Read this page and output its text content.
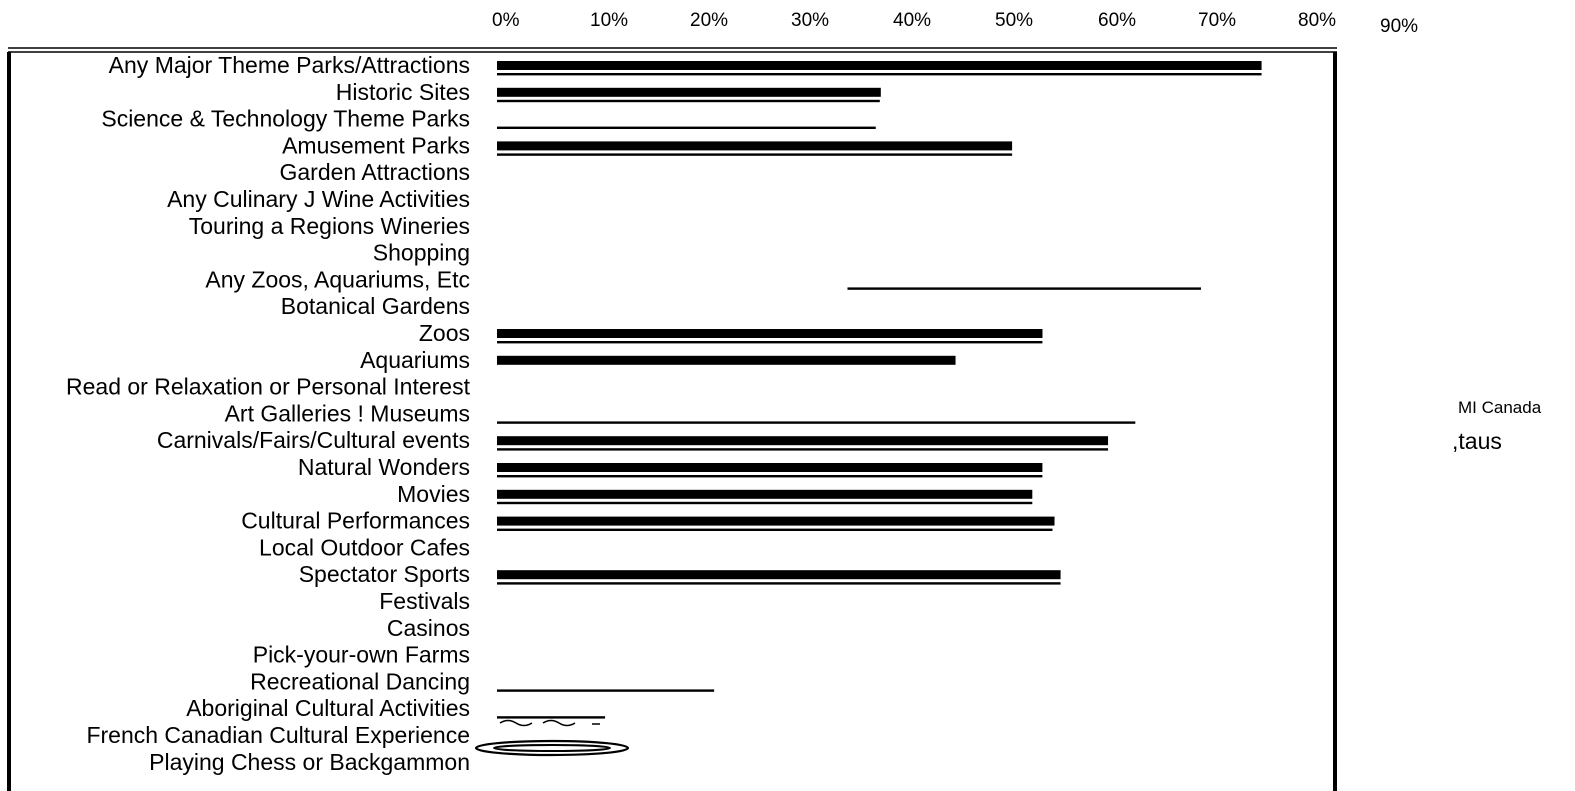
0%	10%	20%	30%	40%	50%	60%	70%	80% 90%
Any Major Theme Parks/Attractions
Historic Sites
Science & Technology Theme Parks
Amusement Parks
Garden Attractions
Any Culinary J Wine Activities
Touring a Regions Wineries
Shopping
Any Zoos, Aquariums, Etc
Botanical Gardens
Zoos
Aquariums
Read or Relaxation or Personal Interest
Art Galleries ! Museums
Carnivals/Fairs/Cultural events
Natural Wonders
Movies
Cultural Performances
Local Outdoor Cafes
Spectator Sports
Festivals
Casinos
Pick-your-own Farms
Recreational Dancing
Aboriginal Cultural Activities
French Canadian Cultural Experience
Playing Chess or Backgammon
MI Canada
,taus
